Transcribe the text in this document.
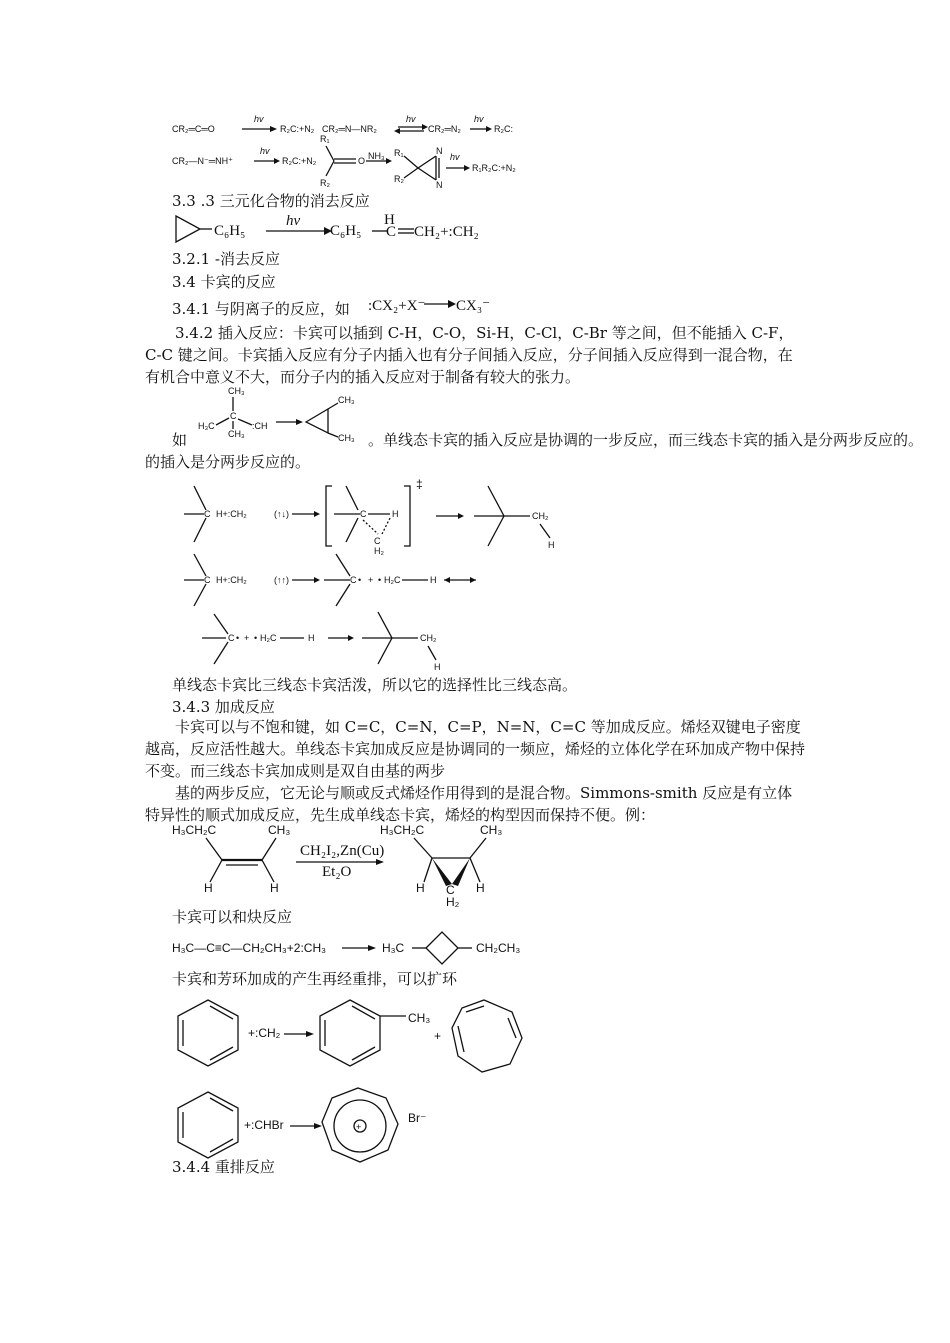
CR₂═C═O
hv
R₂C:+N₂ CR₂═N—NR₂
hv
CR₂═N₂
hv
R₂C:
CR₂—N⁻═NH⁺
hv
R₂C:+N₂
R₁
R₂
O NH₃ R₁
R₂
N
N
hv
R₁R₂C:+N₂
3.3 .3 三元化合物的消去反应
C₆H₅
hv
C₆H₅
H
C CH₂+:CH₂
3.2.1 -消去反应
3.4 卡宾的反应
3.4.1 与阴离子的反应，如 :CX₂+X⁻ CX₃⁻
3.4.2 插入反应：卡宾可以插到 C-H，C-O，Si-H，C-Cl，C-Br 等之间，但不能插入 C-F，C-C 键之间。卡宾插入反应有分子内插入也有分子间插入反应，分子间插入反应得到一混合物，在有机合中意义不大，而分子内的插入反应对于制备有较大的张力。
如
CH₃
H₃C
C
:CH
CH₃
CH₃
CH₃ 。单线态卡宾的插入反应是协调的一步反应，而三线态卡宾的插入是分两步反应的。
的插入是分两步反应的。
C H+:CH₂	(↑↓)	C	H
C
H₂
‡
CH₂
H
C H+:CH₂	(↑↑)	C • + • H₂C	H
C • + • H₂C	H	CH₂
H
单线态卡宾比三线态卡宾活泼，所以它的选择性比三线态高。
3.4.3 加成反应
卡宾可以与不饱和键，如 C=C，C=N，C=P，N=N，C=C 等加成反应。烯烃双键电子密度越高，反应活性越大。单线态卡宾加成反应是协调同的一频应，烯烃的立体化学在环加成产物中保持不变。而三线态卡宾加成则是双自由基的两步
基的两步反应，它无论与顺或反式烯烃作用得到的是混合物。Simmons-smith 反应是有立体特异性的顺式加成反应，先生成单线态卡宾，烯烃的构型因而保持不便。例：
H₃CH₂C	CH₃
H	H
CH₂I₂,Zn(Cu)
Et₂O
H₃CH₂C	CH₃
H	H
C
H₂
卡宾可以和炔反应
H₃C—C≡C—CH₂CH₃+2:CH₃	H₃C	CH₂CH₃
卡宾和芳环加成的产生再经重排，可以扩环
+:CH₂
CH₃
+
+:CHBr	+
Br⁻
3.4.4 重排反应
